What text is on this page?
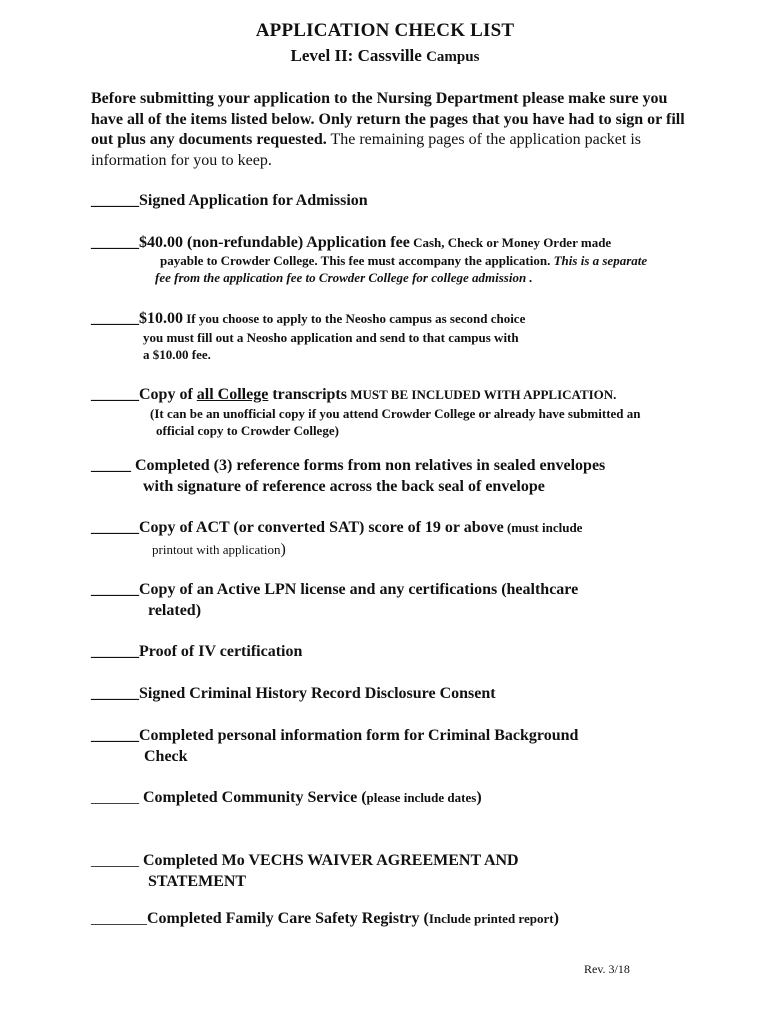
APPLICATION CHECK LIST
Level II: Cassville Campus
Before submitting your application to the Nursing Department please make sure you have all of the items listed below. Only return the pages that you have had to sign or fill out plus any documents requested. The remaining pages of the application packet is information for you to keep.
______Signed Application for Admission
______$40.00 (non-refundable) Application fee Cash, Check or Money Order made
payable to Crowder College. This fee must accompany the application. This is a separate
fee from the application fee to Crowder College for college admission .
______$10.00 If you choose to apply to the Neosho campus as second choice
you must fill out a Neosho application and send to that campus with
a $10.00 fee.
______Copy of all College transcripts MUST BE INCLUDED WITH APPLICATION.
(It can be an unofficial copy if you attend Crowder College or already have submitted an
official copy to Crowder College)
_____ Completed (3) reference forms from non relatives in sealed envelopes
with signature of reference across the back seal of envelope
______Copy of ACT (or converted SAT) score of 19 or above (must include
printout with application)
______Copy of an Active LPN license and any certifications (healthcare
related)
______Proof of IV certification
______Signed Criminal History Record Disclosure Consent
______Completed personal information form for Criminal Background
Check
______ Completed Community Service (please include dates)
______ Completed Mo VECHS WAIVER AGREEMENT AND
STATEMENT
_______Completed Family Care Safety Registry (Include printed report)
Rev. 3/18
